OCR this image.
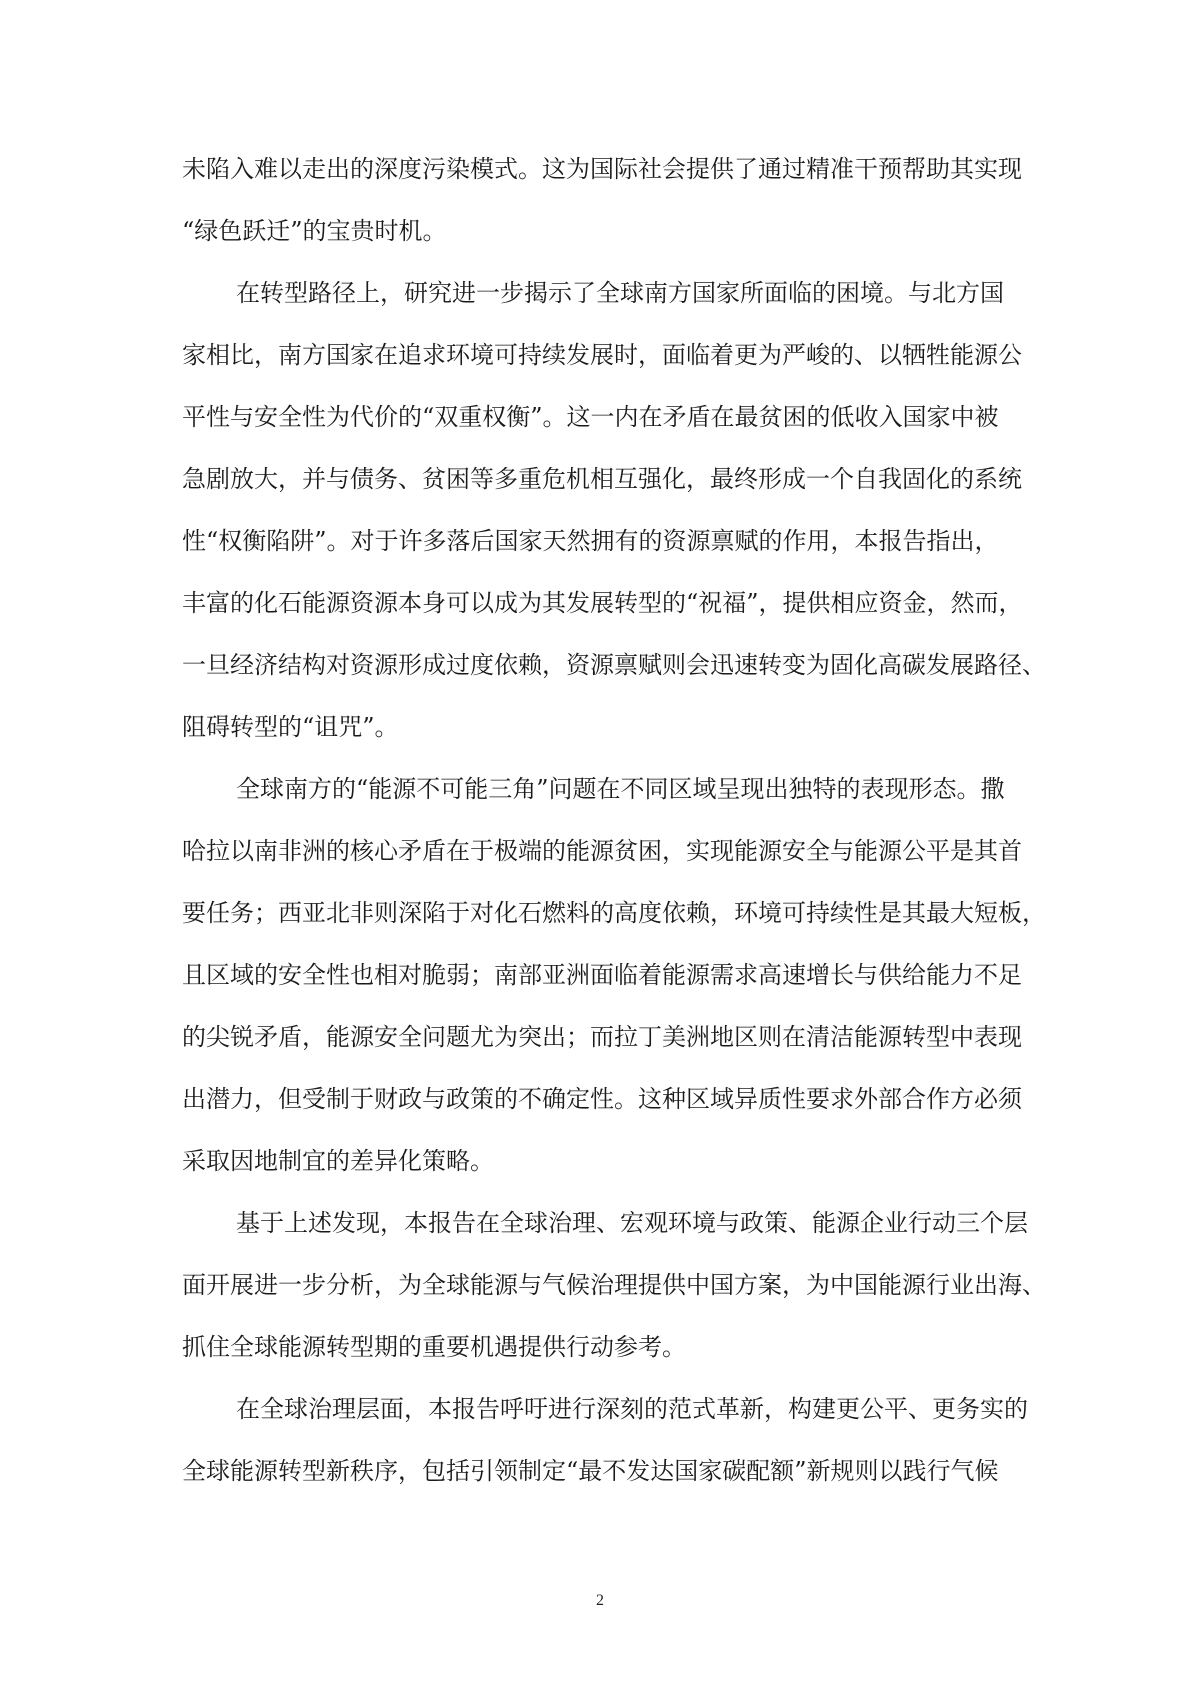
未陷入难以走出的深度污染模式。这为国际社会提供了通过精准干预帮助其实现
“绿色跃迁”的宝贵时机。
在转型路径上，研究进一步揭示了全球南方国家所面临的困境。与北方国
家相比，南方国家在追求环境可持续发展时，面临着更为严峻的、以牺牲能源公
平性与安全性为代价的“双重权衡”。这一内在矛盾在最贫困的低收入国家中被
急剧放大，并与债务、贫困等多重危机相互强化，最终形成一个自我固化的系统
性“权衡陷阱”。对于许多落后国家天然拥有的资源禀赋的作用，本报告指出，
丰富的化石能源资源本身可以成为其发展转型的“祝福”，提供相应资金，然而，
一旦经济结构对资源形成过度依赖，资源禀赋则会迅速转变为固化高碳发展路径、
阻碍转型的“诅咒”。
全球南方的“能源不可能三角”问题在不同区域呈现出独特的表现形态。撒
哈拉以南非洲的核心矛盾在于极端的能源贫困，实现能源安全与能源公平是其首
要任务；西亚北非则深陷于对化石燃料的高度依赖，环境可持续性是其最大短板，
且区域的安全性也相对脆弱；南部亚洲面临着能源需求高速增长与供给能力不足
的尖锐矛盾，能源安全问题尤为突出；而拉丁美洲地区则在清洁能源转型中表现
出潜力，但受制于财政与政策的不确定性。这种区域异质性要求外部合作方必须
采取因地制宜的差异化策略。
基于上述发现，本报告在全球治理、宏观环境与政策、能源企业行动三个层
面开展进一步分析，为全球能源与气候治理提供中国方案，为中国能源行业出海、
抓住全球能源转型期的重要机遇提供行动参考。
在全球治理层面，本报告呼吁进行深刻的范式革新，构建更公平、更务实的
全球能源转型新秩序，包括引领制定“最不发达国家碳配额”新规则以践行气候
2
